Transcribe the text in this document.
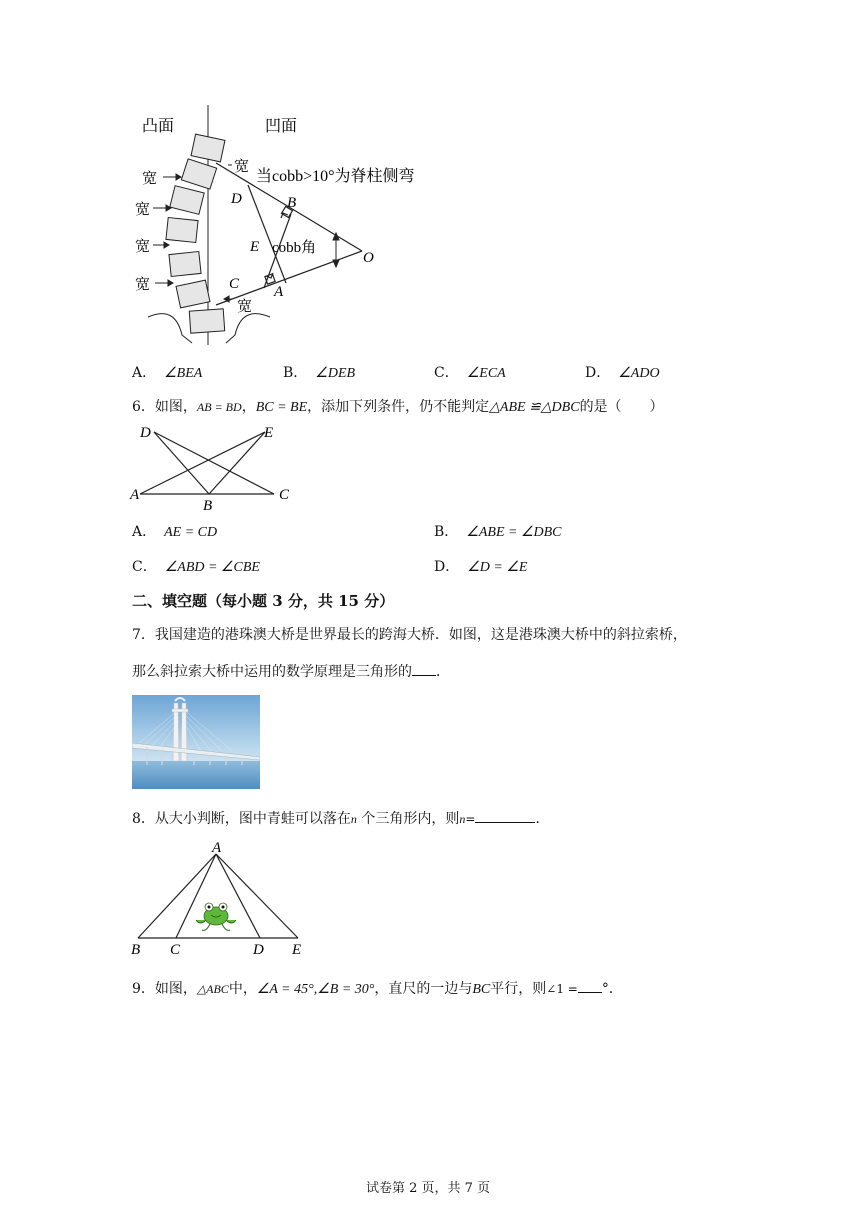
凸面	凹面
宽
宽
宽
宽
宽
宽
当cobb>10°为脊柱侧弯
cobb角
D	B
E
C A
O
A． ∠BEA	B． ∠DEB	C． ∠ECA	D． ∠ADO
6．如图，AB = BD，BC = BE，添加下列条件，仍不能判定△ABE ≌△DBC的是（　　）
D	E
A
B
C
A． AE = CD	B． ∠ABE = ∠DBC
C． ∠ABD = ∠CBE	D． ∠D = ∠E
二、填空题（每小题 3 分，共 15 分）
7．我国建造的港珠澳大桥是世界最长的跨海大桥．如图，这是港珠澳大桥中的斜拉索桥，
那么斜拉索大桥中运用的数学原理是三角形的 ．
8．从大小判断，图中青蛙可以落在n 个三角形内，则n=	．
A
B C	D E
9．如图，△ABC中，∠A = 45°,∠B = 30°，直尺的一边与BC平行，则∠1 = °．
试卷第 2 页，共 7 页
